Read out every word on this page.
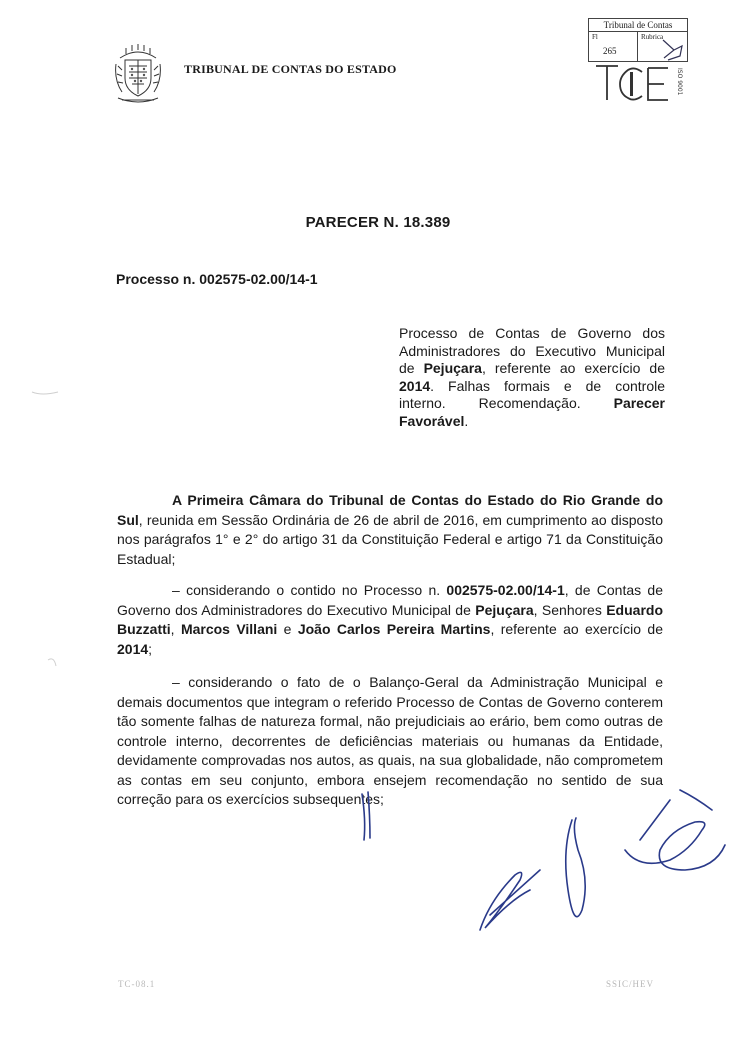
TRIBUNAL DE CONTAS DO ESTADO
Tribunal de Contas
Fl
265
Rubrica
ISO 9001
PARECER N. 18.389
Processo n. 002575-02.00/14-1
Processo de Contas de Governo dos Administradores do Executivo Municipal de Pejuçara, referente ao exercício de 2014. Falhas formais e de controle interno. Recomendação. Parecer Favorável.
A Primeira Câmara do Tribunal de Contas do Estado do Rio Grande do Sul, reunida em Sessão Ordinária de 26 de abril de 2016, em cumprimento ao disposto nos parágrafos 1° e 2° do artigo 31 da Constituição Federal e artigo 71 da Constituição Estadual;
– considerando o contido no Processo n. 002575-02.00/14-1, de Contas de Governo dos Administradores do Executivo Municipal de Pejuçara, Senhores Eduardo Buzzatti, Marcos Villani e João Carlos Pereira Martins, referente ao exercício de 2014;
– considerando o fato de o Balanço-Geral da Administração Municipal e demais documentos que integram o referido Processo de Contas de Governo conterem tão somente falhas de natureza formal, não prejudiciais ao erário, bem como outras de controle interno, decorrentes de deficiências materiais ou humanas da Entidade, devidamente comprovadas nos autos, as quais, na sua globalidade, não comprometem as contas em seu conjunto, embora ensejem recomendação no sentido de sua correção para os exercícios subsequentes;
TC-08.1	SSIC/HEV
